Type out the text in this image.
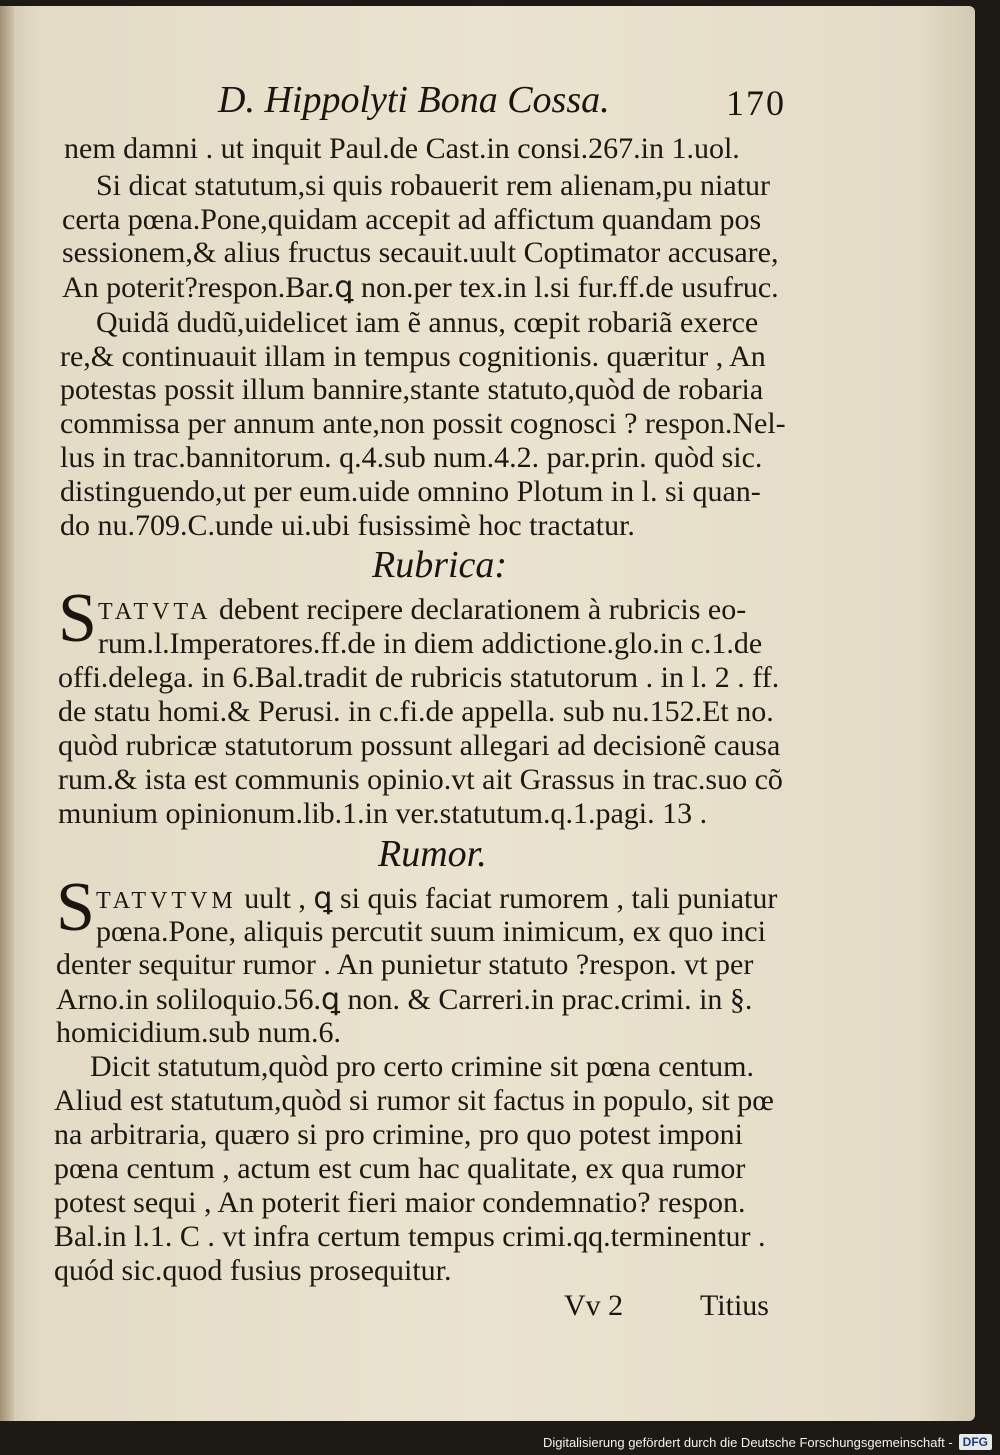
D. Hippolyti Bona Cossa.	170
nem damni . ut inquit Paul.de Cast.in consi.267.in 1.uol.
Si dicat statutum,si quis robauerit rem alienam,pu niatur
certa pœna.Pone,quidam accepit ad affictum quandam pos
sessionem,& alius fructus secauit.uult Coptimator accusare,
An poterit?respon.Bar.ꝗ non.per tex.in l.si fur.ff.de usufruc.
Quidã dudũ,uidelicet iam ẽ annus, cœpit robariã exerce
re,& continuauit illam in tempus cognitionis. quæritur , An
potestas possit illum bannire,stante statuto,quòd de robaria
commissa per annum ante,non possit cognosci ? respon.Nel-
lus in trac.bannitorum. q.4.sub num.4.2. par.prin. quòd sic.
distinguendo,ut per eum.uide omnino Plotum in l. si quan-
do nu.709.C.unde ui.ubi fusissimè hoc tractatur.
Rubrica:
S TATVTA debent recipere declarationem à rubricis eo-
rum.l.Imperatores.ff.de in diem addictione.glo.in c.1.de
offi.delega. in 6.Bal.tradit de rubricis statutorum . in l. 2 . ff.
de statu homi.& Perusi. in c.fi.de appella. sub nu.152.Et no.
quòd rubricæ statutorum possunt allegari ad decisionẽ causa
rum.& ista est communis opinio.vt ait Grassus in trac.suo cõ
munium opinionum.lib.1.in ver.statutum.q.1.pagi. 13 .
Rumor.
S TATVTVM uult , ꝗ si quis faciat rumorem , tali puniatur
pœna.Pone, aliquis percutit suum inimicum, ex quo inci
denter sequitur rumor . An punietur statuto ?respon. vt per
Arno.in soliloquio.56.ꝗ non. & Carreri.in prac.crimi. in §.
homicidium.sub num.6.
Dicit statutum,quòd pro certo crimine sit pœna centum.
Aliud est statutum,quòd si rumor sit factus in populo, sit pœ
na arbitraria, quæro si pro crimine, pro quo potest imponi
pœna centum , actum est cum hac qualitate, ex qua rumor
potest sequi , An poterit fieri maior condemnatio? respon.
Bal.in l.1. C . vt infra certum tempus crimi.qq.terminentur .
quód sic.quod fusius prosequitur.
Vv 2	Titius
Digitalisierung gefördert durch die Deutsche Forschungsgemeinschaft - DFG
